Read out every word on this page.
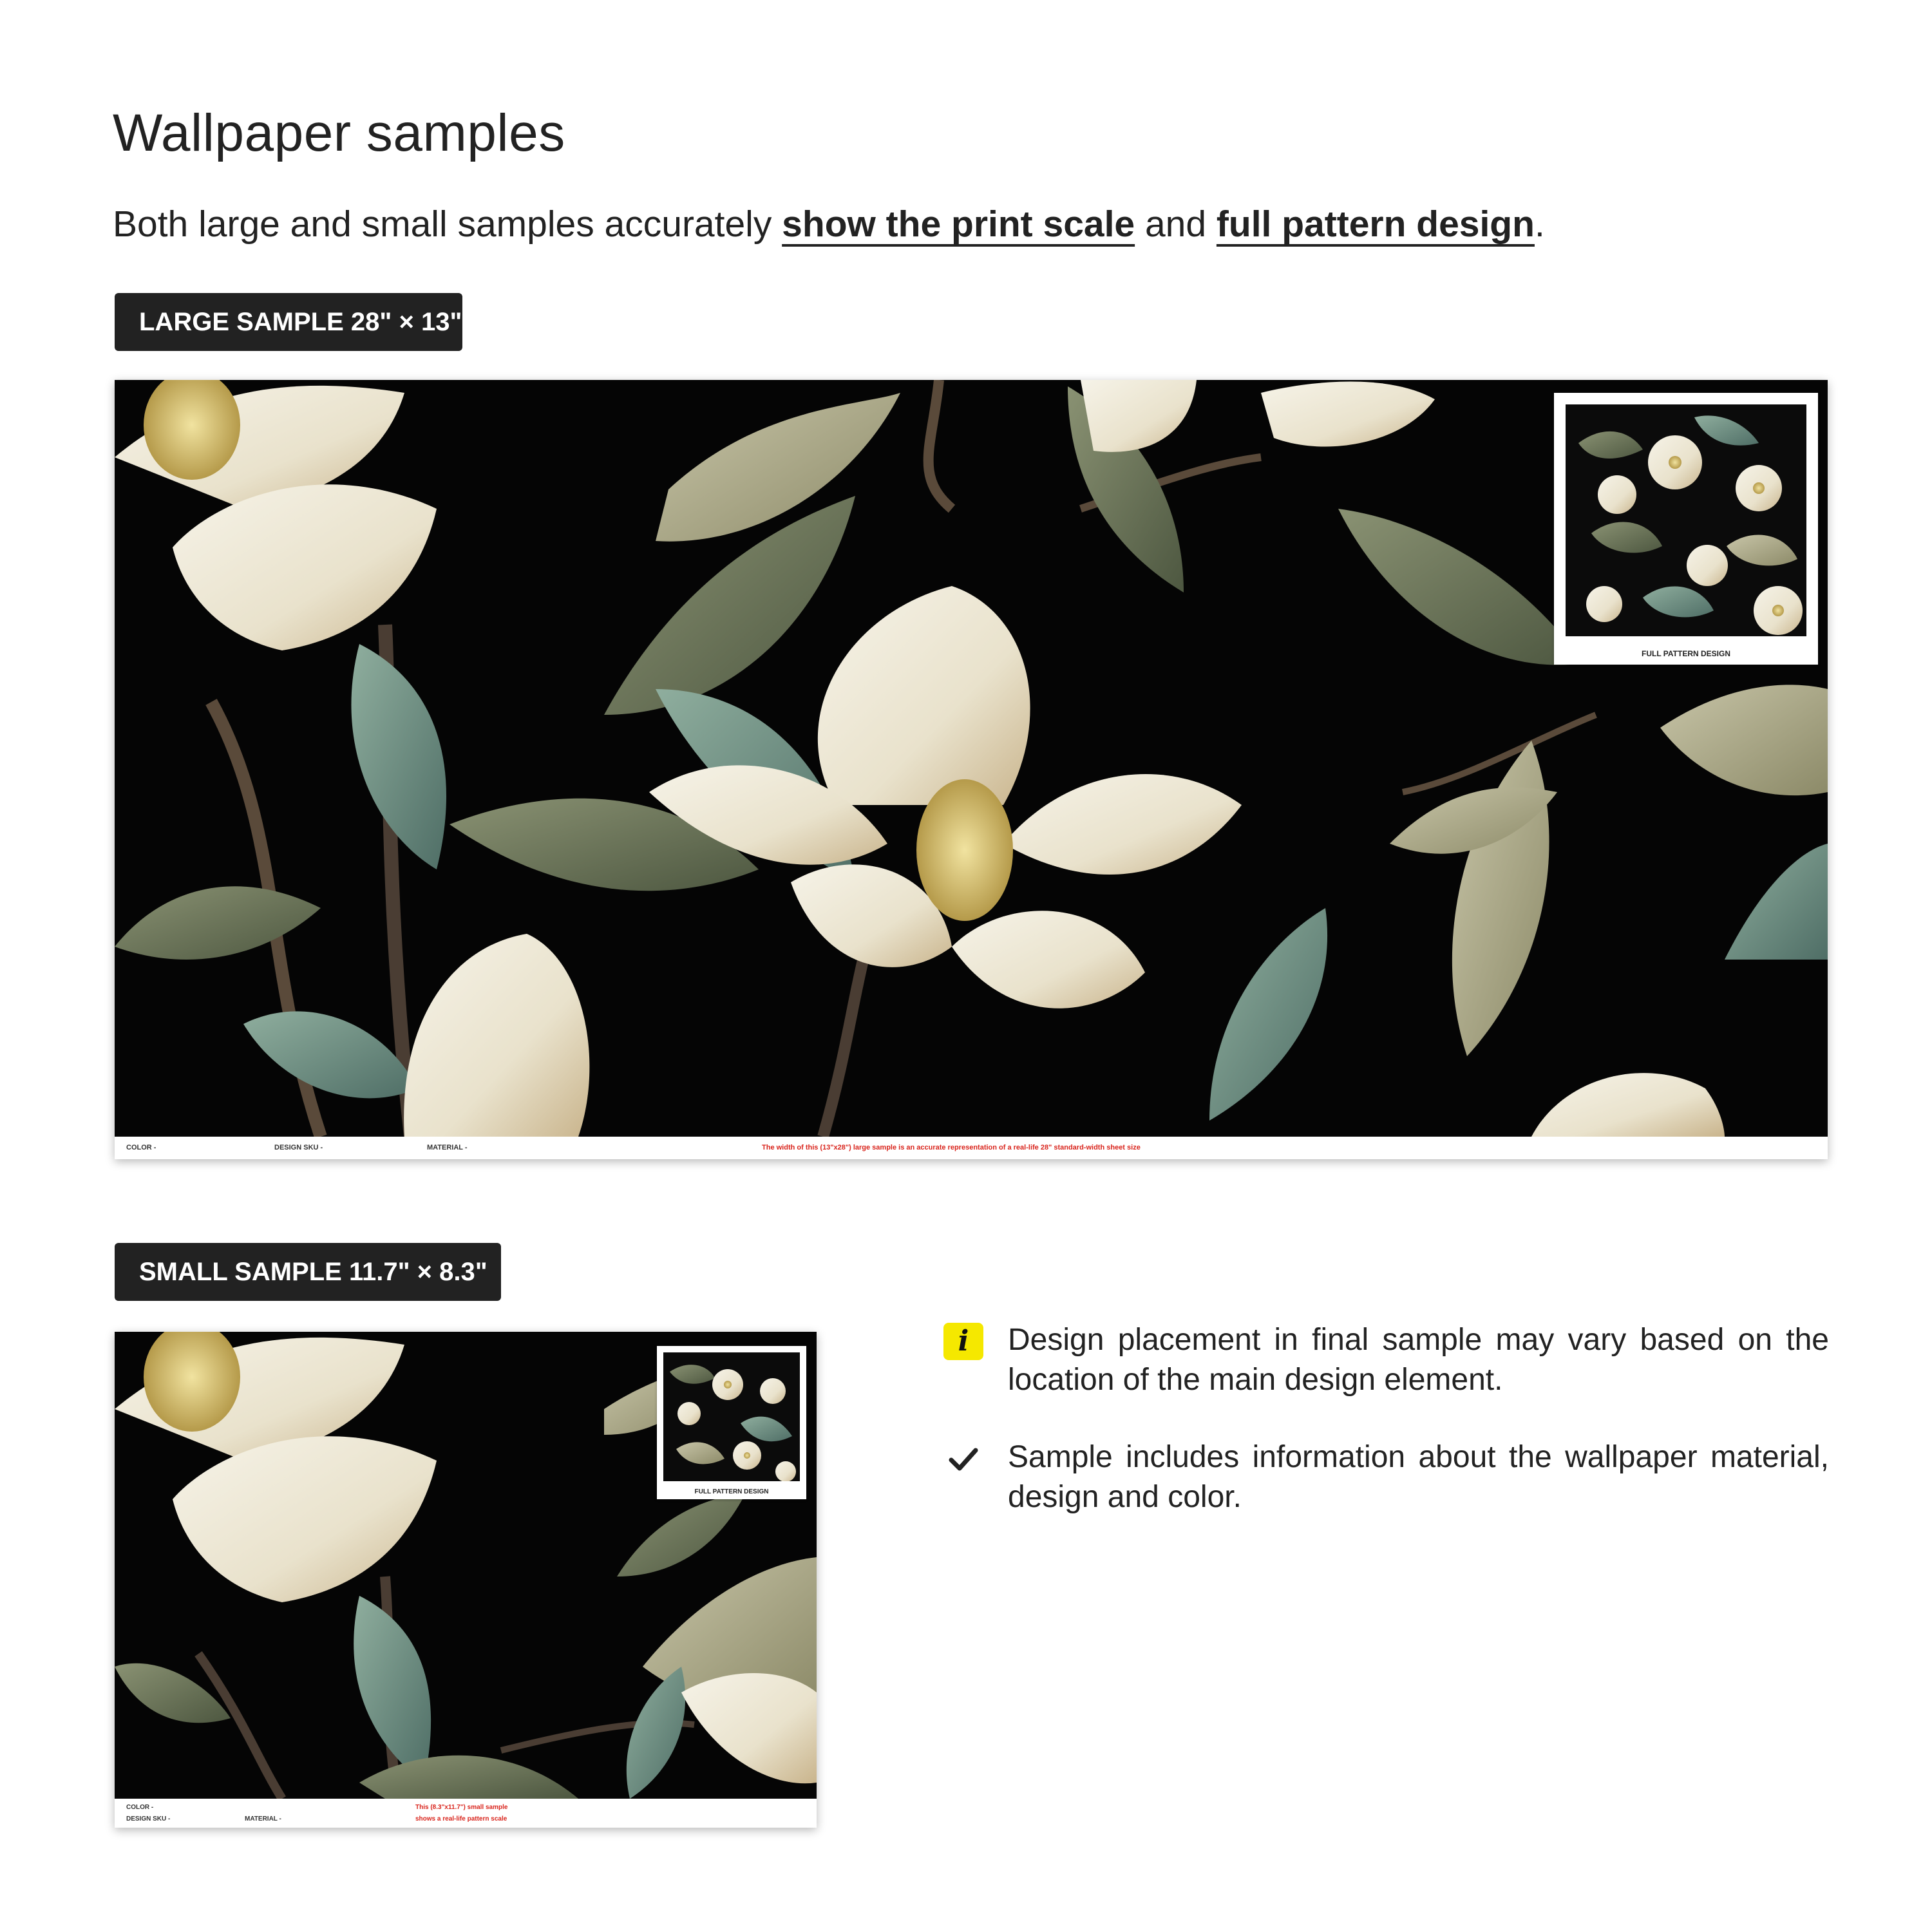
Wallpaper samples
Both large and small samples accurately show the print scale and full pattern design.
LARGE SAMPLE 28" × 13"
FULL PATTERN DESIGN
COLOR -	DESIGN SKU -	MATERIAL -	The width of this (13"x28") large sample is an accurate representation of a real-life 28" standard-width sheet size
SMALL SAMPLE 11.7" × 8.3"
FULL PATTERN DESIGN
COLOR -
DESIGN SKU -	MATERIAL -
This (8.3"x11.7") small sample
shows a real-life pattern scale
i	Design placement in final sample may vary based on the location of the main design element.
Sample includes information about the wallpaper material, design and color.
